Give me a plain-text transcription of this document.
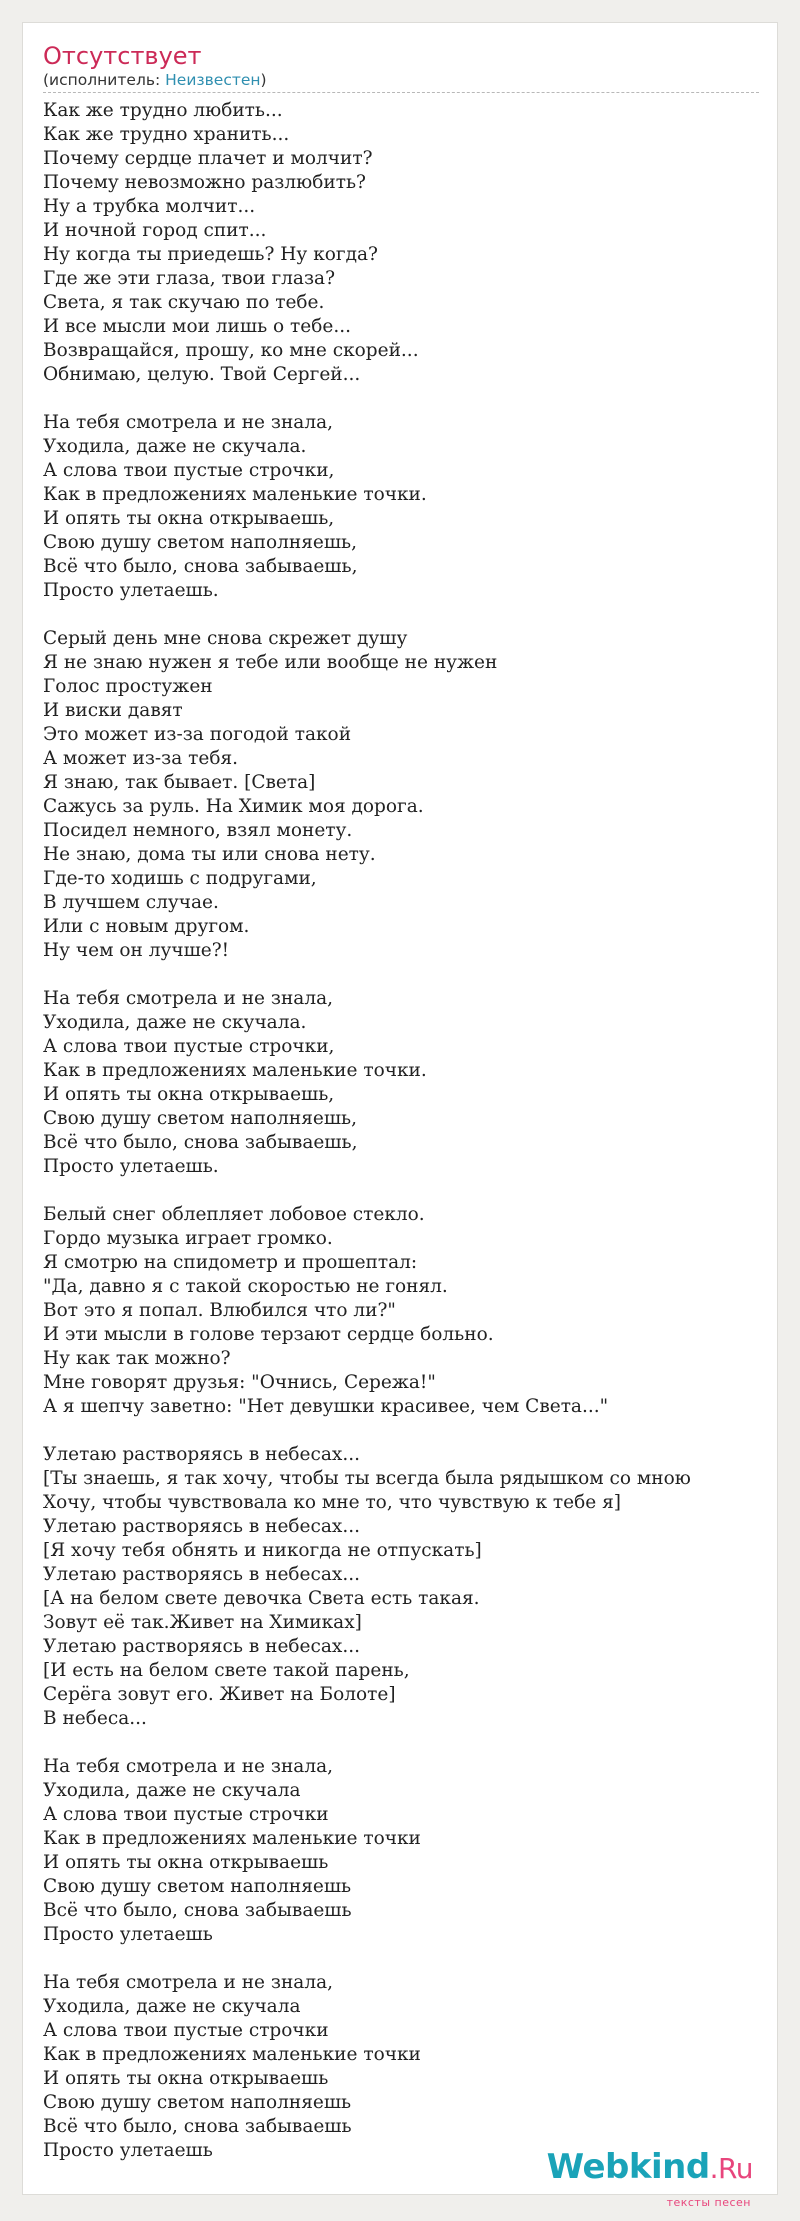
Отсутствует
(исполнитель: Неизвестен)
Как же трудно любить...
Как же трудно хранить...
Почему сердце плачет и молчит?
Почему невозможно разлюбить?
Ну а трубка молчит...
И ночной город спит...
Ну когда ты приедешь? Ну когда?
Где же эти глаза, твои глаза?
Света, я так скучаю по тебе.
И все мысли мои лишь о тебе...
Возвращайся, прошу, ко мне скорей...
Обнимаю, целую. Твой Сергей...
На тебя смотрела и не знала,
Уходила, даже не скучала.
А слова твои пустые строчки,
Как в предложениях маленькие точки.
И опять ты окна открываешь,
Свою душу светом наполняешь,
Всё что было, снова забываешь,
Просто улетаешь.
Серый день мне снова скрежет душу
Я не знаю нужен я тебе или вообще не нужен
Голос простужен
И виски давят
Это может из-за погодой такой
А может из-за тебя.
Я знаю, так бывает. [Света]
Сажусь за руль. На Химик моя дорога.
Посидел немного, взял монету.
Не знаю, дома ты или снова нету.
Где-то ходишь с подругами,
В лучшем случае.
Или с новым другом.
Ну чем он лучше?!
На тебя смотрела и не знала,
Уходила, даже не скучала.
А слова твои пустые строчки,
Как в предложениях маленькие точки.
И опять ты окна открываешь,
Свою душу светом наполняешь,
Всё что было, снова забываешь,
Просто улетаешь.
Белый снег облепляет лобовое стекло.
Гордо музыка играет громко.
Я смотрю на спидометр и прошептал:
"Да, давно я с такой скоростью не гонял.
Вот это я попал. Влюбился что ли?"
И эти мысли в голове терзают сердце больно.
Ну как так можно?
Мне говорят друзья: "Очнись, Сережа!"
А я шепчу заветно: "Нет девушки красивее, чем Света..."
Улетаю растворяясь в небесах...
[Ты знаешь, я так хочу, чтобы ты всегда была рядышком со мною
Хочу, чтобы чувствовала ко мне то, что чувствую к тебе я]
Улетаю растворяясь в небесах...
[Я хочу тебя обнять и никогда не отпускать]
Улетаю растворяясь в небесах...
[А на белом свете девочка Света есть такая.
Зовут её так.Живет на Химиках]
Улетаю растворяясь в небесах...
[И есть на белом свете такой парень,
Серёга зовут его. Живет на Болоте]
В небеса...
На тебя смотрела и не знала,
Уходила, даже не скучала
А слова твои пустые строчки
Как в предложениях маленькие точки
И опять ты окна открываешь
Свою душу светом наполняешь
Всё что было, снова забываешь
Просто улетаешь
На тебя смотрела и не знала,
Уходила, даже не скучала
А слова твои пустые строчки
Как в предложениях маленькие точки
И опять ты окна открываешь
Свою душу светом наполняешь
Всё что было, снова забываешь
Просто улетаешь	Webkind.Ru
тексты песен
